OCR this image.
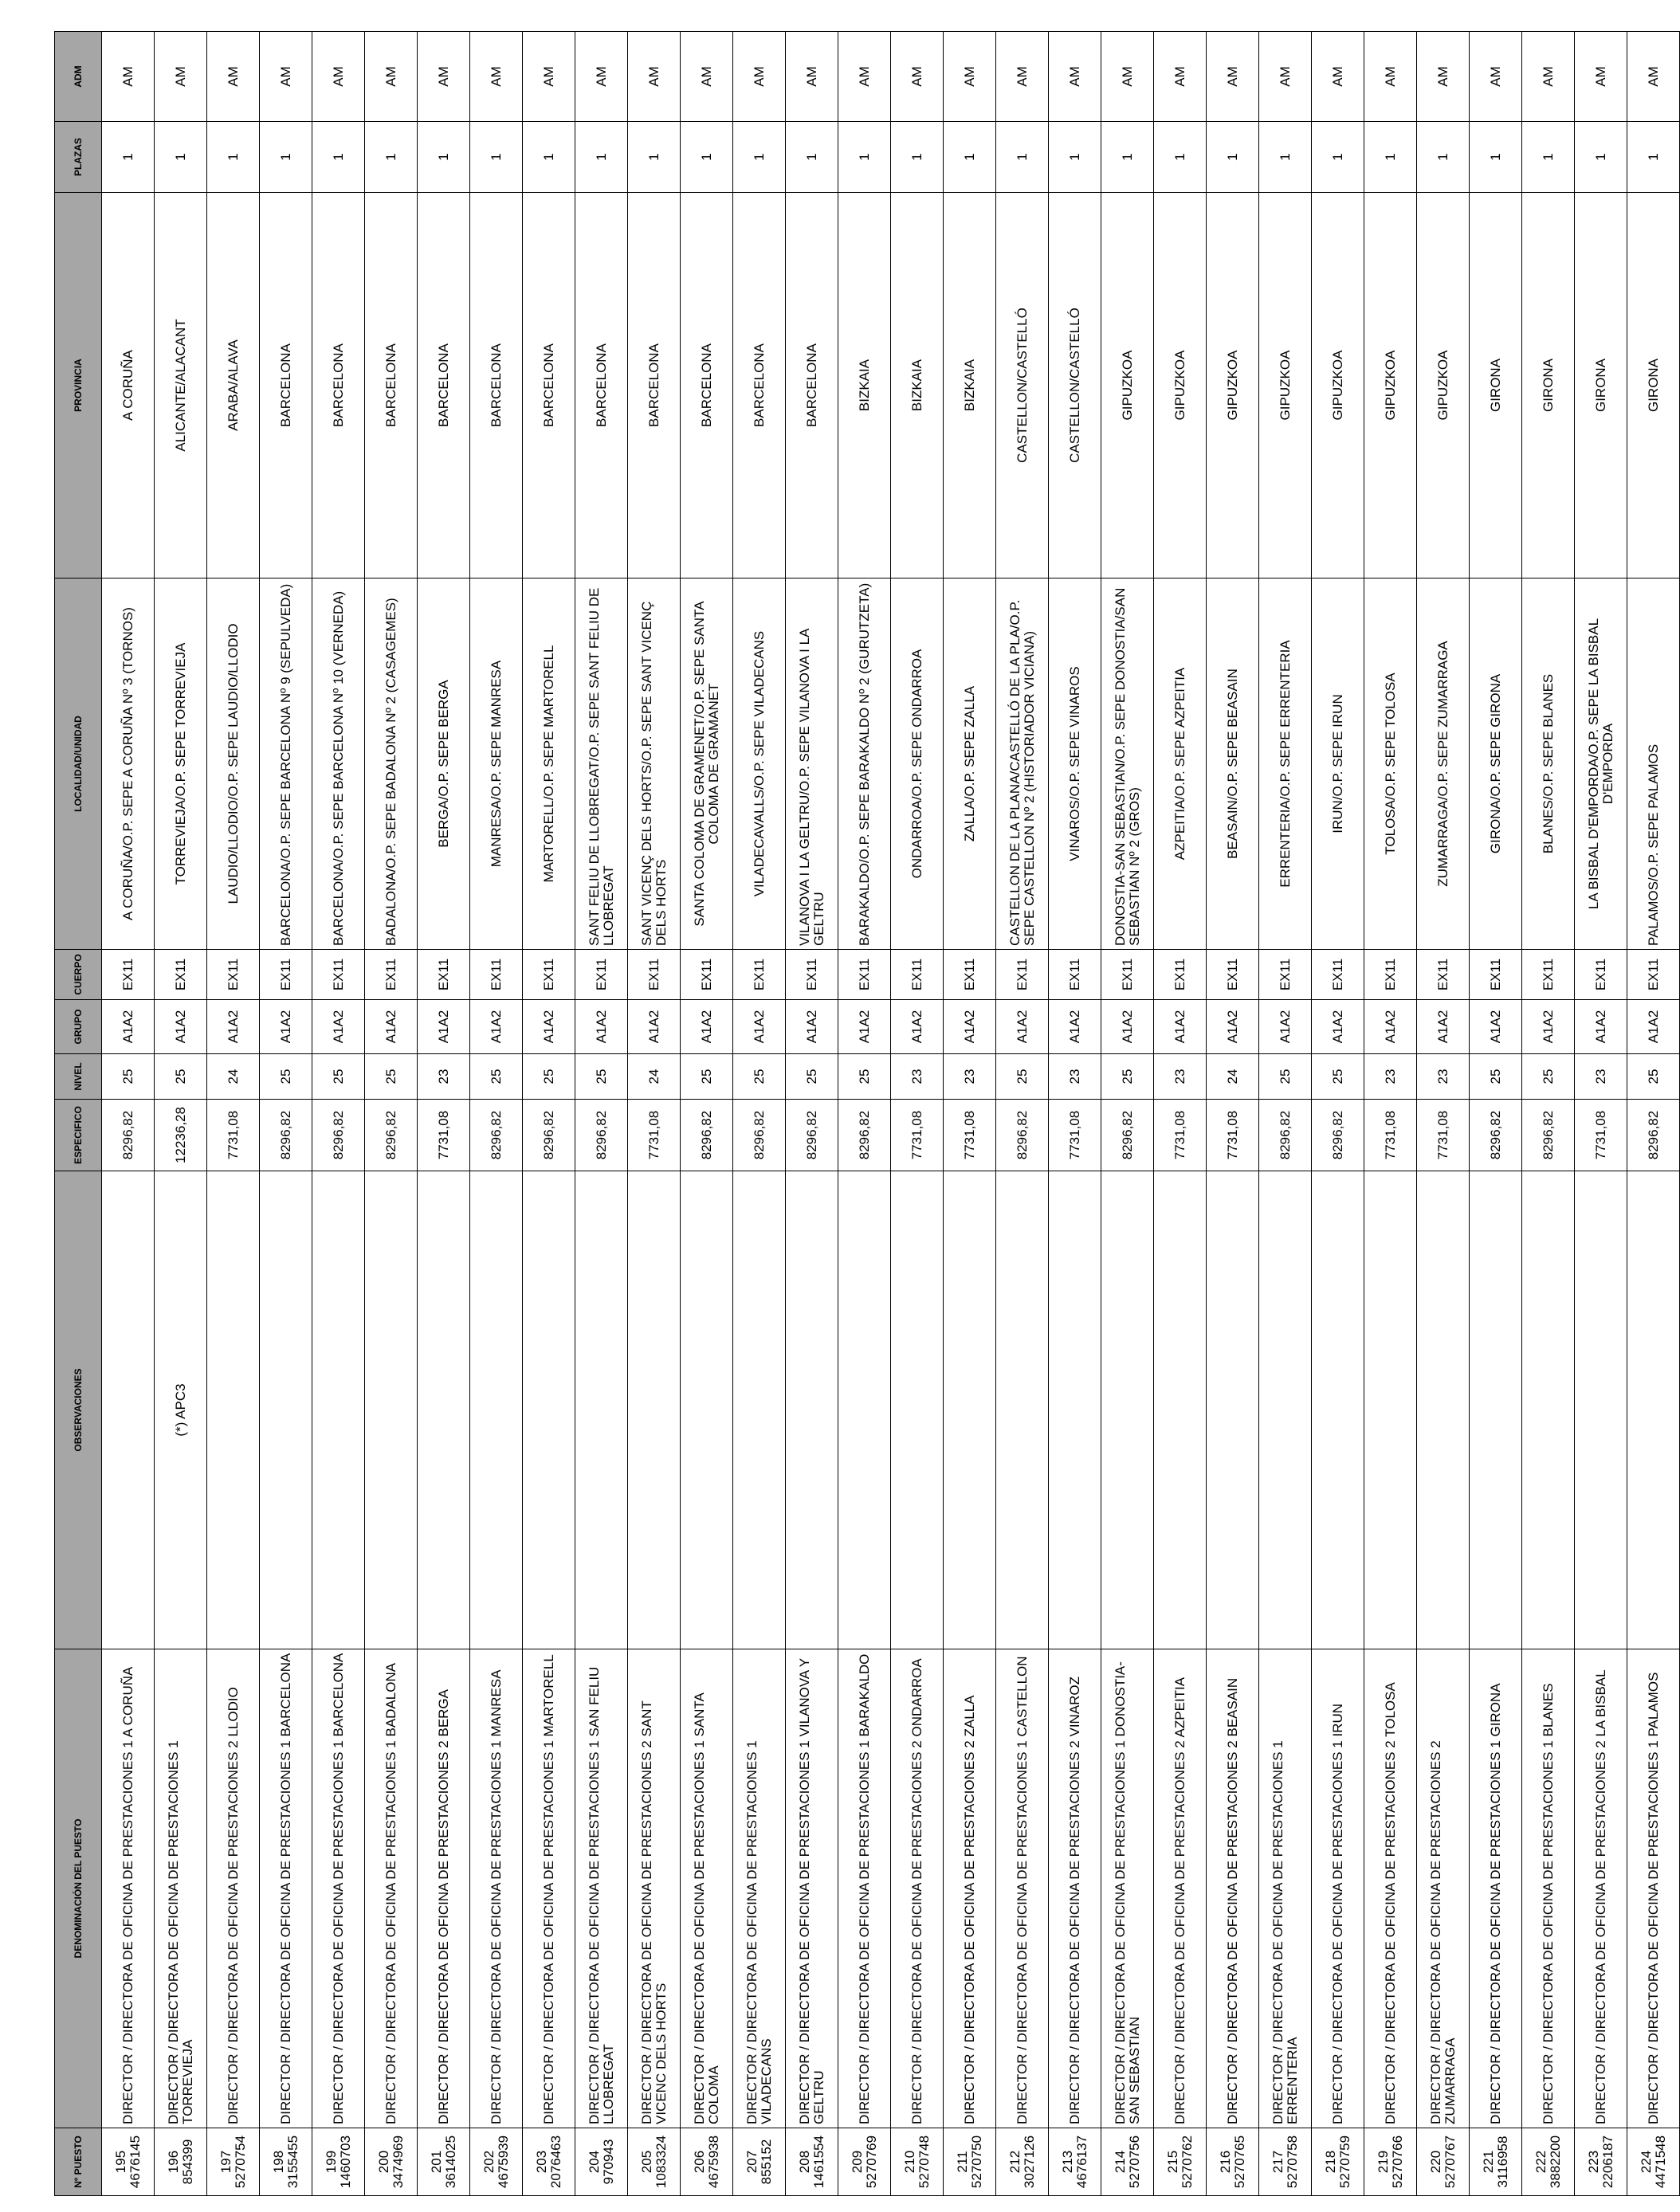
Nº PUESTO	DENOMINACIÓN DEL PUESTO	OBSERVACIONES	ESPECIFICO	NIVEL	GRUPO	CUERPO	LOCALIDAD/UNIDAD	PROVINCIA	PLAZAS	ADM

195 4676145	DIRECTOR / DIRECTORA DE OFICINA DE PRESTACIONES 1 A CORUÑA		8296,82	25	A1A2	EX11	A CORUÑA/O.P. SEPE A CORUÑA Nº 3 (TORNOS)	A CORUÑA	1	AM

196 854399	DIRECTOR / DIRECTORA DE OFICINA DE PRESTACIONES 1 TORREVIEJA	(*) APC3	12236,28	25	A1A2	EX11	TORREVIEJA/O.P. SEPE TORREVIEJA	ALICANTE/ALACANT	1	AM

197 5270754	DIRECTOR / DIRECTORA DE OFICINA DE PRESTACIONES 2 LLODIO		7731,08	24	A1A2	EX11	LAUDIO/LLODIO/O.P. SEPE LAUDIO/LLODIO	ARABA/ALAVA	1	AM

198 3155455	DIRECTOR / DIRECTORA DE OFICINA DE PRESTACIONES 1 BARCELONA		8296,82	25	A1A2	EX11	BARCELONA/O.P. SEPE BARCELONA Nº 9 (SEPULVEDA)	BARCELONA	1	AM

199 1460703	DIRECTOR / DIRECTORA DE OFICINA DE PRESTACIONES 1 BARCELONA		8296,82	25	A1A2	EX11	BARCELONA/O.P. SEPE BARCELONA Nº 10 (VERNEDA)	BARCELONA	1	AM

200 3474969	DIRECTOR / DIRECTORA DE OFICINA DE PRESTACIONES 1 BADALONA		8296,82	25	A1A2	EX11	BADALONA/O.P. SEPE BADALONA Nº 2 (CASAGEMES)	BARCELONA	1	AM

201 3614025	DIRECTOR / DIRECTORA DE OFICINA DE PRESTACIONES 2 BERGA		7731,08	23	A1A2	EX11	BERGA/O.P. SEPE BERGA	BARCELONA	1	AM

202 4675939	DIRECTOR / DIRECTORA DE OFICINA DE PRESTACIONES 1 MANRESA		8296,82	25	A1A2	EX11	MANRESA/O.P. SEPE MANRESA	BARCELONA	1	AM

203 2076463	DIRECTOR / DIRECTORA DE OFICINA DE PRESTACIONES 1 MARTORELL		8296,82	25	A1A2	EX11	MARTORELL/O.P. SEPE MARTORELL	BARCELONA	1	AM

204 970943	DIRECTOR / DIRECTORA DE OFICINA DE PRESTACIONES 1 SAN FELIU LLOBREGAT		8296,82	25	A1A2	EX11	SANT FELIU DE LLOBREGAT/O.P. SEPE SANT FELIU DE LLOBREGAT	BARCELONA	1	AM

205 1083324	DIRECTOR / DIRECTORA DE OFICINA DE PRESTACIONES 2 SANT VICENC DELS HORTS		7731,08	24	A1A2	EX11	SANT VICENÇ DELS HORTS/O.P. SEPE SANT VICENÇ DELS HORTS	BARCELONA	1	AM

206 4675938	DIRECTOR / DIRECTORA DE OFICINA DE PRESTACIONES 1 SANTA COLOMA		8296,82	25	A1A2	EX11	SANTA COLOMA DE GRAMENET/O.P. SEPE SANTA COLOMA DE GRAMANET	BARCELONA	1	AM

207 855152	DIRECTOR / DIRECTORA DE OFICINA DE PRESTACIONES 1 VILADECANS		8296,82	25	A1A2	EX11	VILADECAVALLS/O.P. SEPE VILADECANS	BARCELONA	1	AM

208 1461554	DIRECTOR / DIRECTORA DE OFICINA DE PRESTACIONES 1 VILANOVA Y GELTRU		8296,82	25	A1A2	EX11	VILANOVA I LA GELTRU/O.P. SEPE VILANOVA I LA GELTRU	BARCELONA	1	AM

209 5270769	DIRECTOR / DIRECTORA DE OFICINA DE PRESTACIONES 1 BARAKALDO		8296,82	25	A1A2	EX11	BARAKALDO/O.P. SEPE BARAKALDO Nº 2 (GURUTZETA)	BIZKAIA	1	AM

210 5270748	DIRECTOR / DIRECTORA DE OFICINA DE PRESTACIONES 2 ONDARROA		7731,08	23	A1A2	EX11	ONDARROA/O.P. SEPE ONDARROA	BIZKAIA	1	AM

211 5270750	DIRECTOR / DIRECTORA DE OFICINA DE PRESTACIONES 2 ZALLA		7731,08	23	A1A2	EX11	ZALLA/O.P. SEPE ZALLA	BIZKAIA	1	AM

212 3027126	DIRECTOR / DIRECTORA DE OFICINA DE PRESTACIONES 1 CASTELLON		8296,82	25	A1A2	EX11	CASTELLON DE LA PLANA/CASTELLÓ DE LA PLA/O.P. SEPE CASTELLON Nº 2 (HISTORIADOR VICIANA)	CASTELLON/CASTELLÓ	1	AM

213 4676137	DIRECTOR / DIRECTORA DE OFICINA DE PRESTACIONES 2 VINAROZ		7731,08	23	A1A2	EX11	VINAROS/O.P. SEPE VINAROS	CASTELLON/CASTELLÓ	1	AM

214 5270756	DIRECTOR / DIRECTORA DE OFICINA DE PRESTACIONES 1 DONOSTIA-SAN SEBASTIAN		8296,82	25	A1A2	EX11	DONOSTIA-SAN SEBASTIAN/O.P. SEPE DONOSTIA/SAN SEBASTIAN Nº 2 (GROS)	GIPUZKOA	1	AM

215 5270762	DIRECTOR / DIRECTORA DE OFICINA DE PRESTACIONES 2 AZPEITIA		7731,08	23	A1A2	EX11	AZPEITIA/O.P. SEPE AZPEITIA	GIPUZKOA	1	AM

216 5270765	DIRECTOR / DIRECTORA DE OFICINA DE PRESTACIONES 2 BEASAIN		7731,08	24	A1A2	EX11	BEASAIN/O.P. SEPE BEASAIN	GIPUZKOA	1	AM

217 5270758	DIRECTOR / DIRECTORA DE OFICINA DE PRESTACIONES 1 ERRENTERIA		8296,82	25	A1A2	EX11	ERRENTERIA/O.P. SEPE ERRENTERIA	GIPUZKOA	1	AM

218 5270759	DIRECTOR / DIRECTORA DE OFICINA DE PRESTACIONES 1 IRUN		8296,82	25	A1A2	EX11	IRUN/O.P. SEPE IRUN	GIPUZKOA	1	AM

219 5270766	DIRECTOR / DIRECTORA DE OFICINA DE PRESTACIONES 2 TOLOSA		7731,08	23	A1A2	EX11	TOLOSA/O.P. SEPE TOLOSA	GIPUZKOA	1	AM

220 5270767	DIRECTOR / DIRECTORA DE OFICINA DE PRESTACIONES 2 ZUMARRAGA		7731,08	23	A1A2	EX11	ZUMARRAGA/O.P. SEPE ZUMARRAGA	GIPUZKOA	1	AM

221 3116958	DIRECTOR / DIRECTORA DE OFICINA DE PRESTACIONES 1 GIRONA		8296,82	25	A1A2	EX11	GIRONA/O.P. SEPE GIRONA	GIRONA	1	AM

222 3882200	DIRECTOR / DIRECTORA DE OFICINA DE PRESTACIONES 1 BLANES		8296,82	25	A1A2	EX11	BLANES/O.P. SEPE BLANES	GIRONA	1	AM

223 2206187	DIRECTOR / DIRECTORA DE OFICINA DE PRESTACIONES 2 LA BISBAL		7731,08	23	A1A2	EX11	LA BISBAL D'EMPORDA/O.P. SEPE LA BISBAL D'EMPORDA	GIRONA	1	AM

224 4471548	DIRECTOR / DIRECTORA DE OFICINA DE PRESTACIONES 1 PALAMOS		8296,82	25	A1A2	EX11	PALAMOS/O.P. SEPE PALAMOS	GIRONA	1	AM
